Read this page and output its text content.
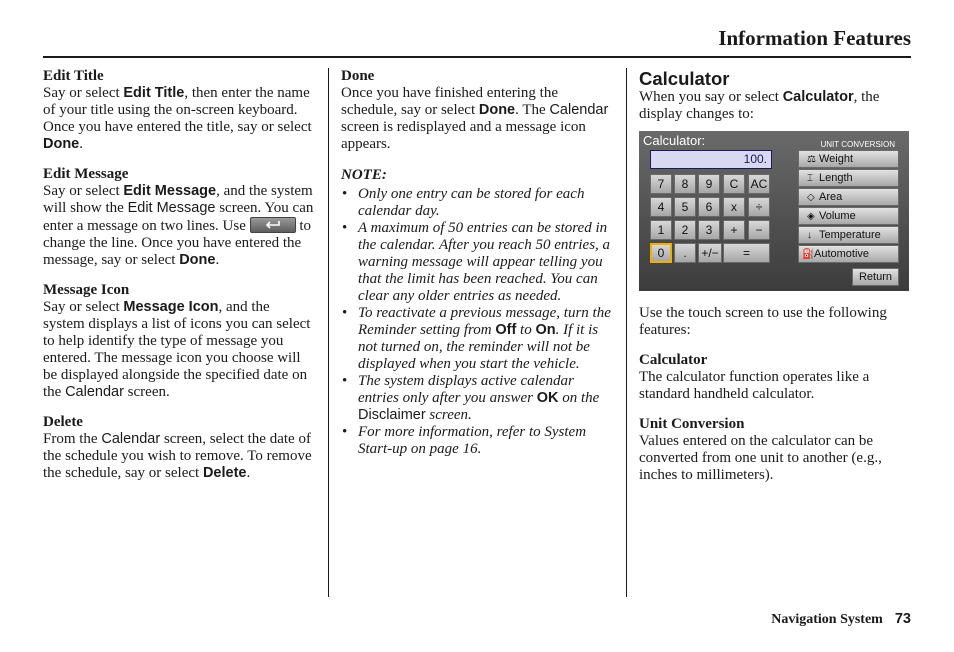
Information Features
Edit Title
Say or select Edit Title, then enter the name of your title using the on-screen keyboard. Once you have entered the title, say or select Done.
Edit Message
Say or select Edit Message, and the system will show the Edit Message screen. You can enter a message on two lines. Use	to change the line. Once you have entered the message, say or select Done.
Message Icon
Say or select Message Icon, and the system displays a list of icons you can select to help identify the type of message you entered. The message icon you choose will be displayed alongside the specified date on the Calendar screen.
Delete
From the Calendar screen, select the date of the schedule you wish to remove. To remove the schedule, say or select Delete.
Done
Once you have finished entering the schedule, say or select Done. The Calendar screen is redisplayed and a message icon appears.
NOTE:
• Only one entry can be stored for each calendar day.
• A maximum of 50 entries can be stored in the calendar. After you reach 50 entries, a warning message will appear telling you that the limit has been reached. You can clear any older entries as needed.
• To reactivate a previous message, turn the Reminder setting from Off to On. If it is not turned on, the reminder will not be displayed when you start the vehicle.
• The system displays active calendar entries only after you answer OK on the Disclaimer screen.
• For more information, refer to System Start-up on page 16.
Calculator
When you say or select Calculator, the display changes to:
Calculator:	UNIT CONVERSION
100.
7	8	9	C	AC
4	5	6	x	÷
1	2	3	+	−
0	.	+/−	=
⚖ Weight
⌶ Length
◇ Area
◈ Volume
↓ Temperature
⛽Automotive
Return
Use the touch screen to use the following features:
Calculator
The calculator function operates like a standard handheld calculator.
Unit Conversion
Values entered on the calculator can be converted from one unit to another (e.g., inches to millimeters).
Navigation System 73
